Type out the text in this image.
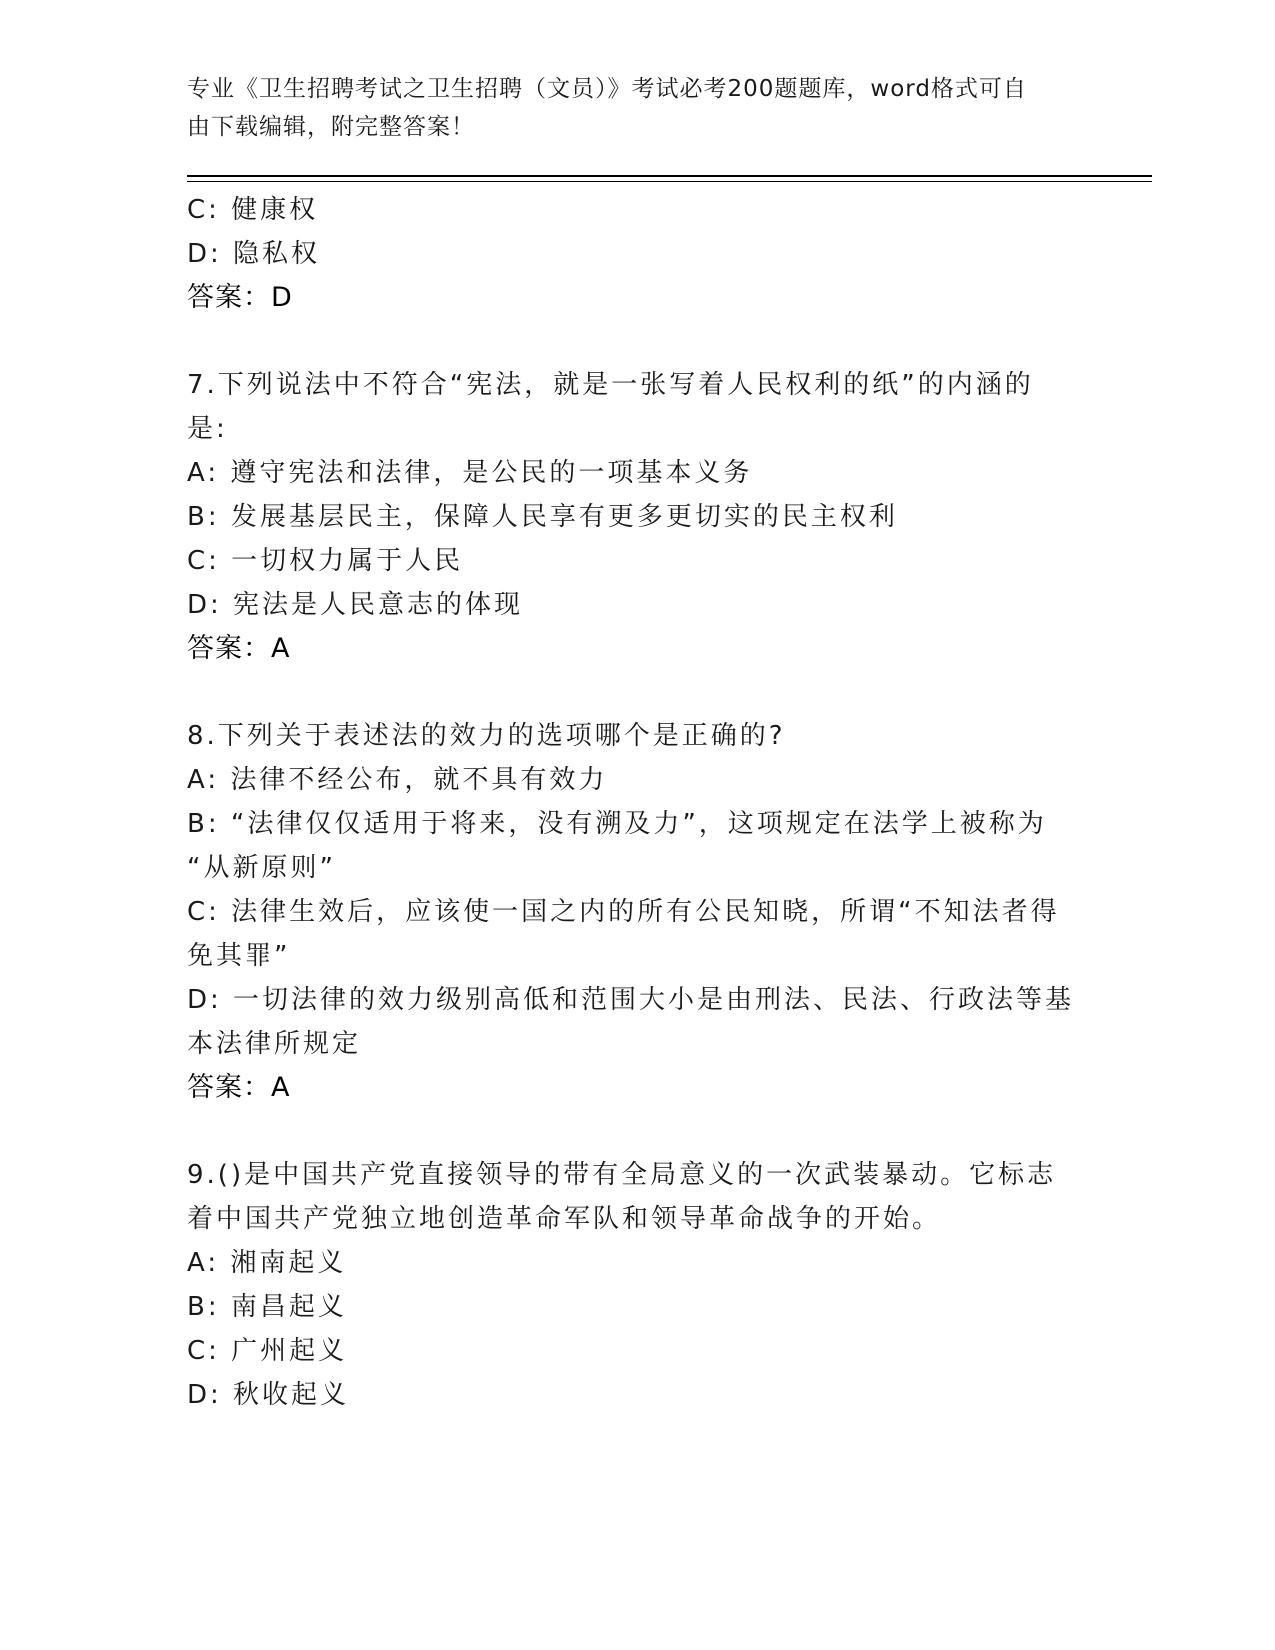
专业《卫生招聘考试之卫生招聘（文员）》考试必考200题题库，word格式可自
由下载编辑，附完整答案！
C: 健康权
D: 隐私权
答案：D
7.下列说法中不符合“宪法，就是一张写着人民权利的纸”的内涵的
是:
A: 遵守宪法和法律，是公民的一项基本义务
B: 发展基层民主，保障人民享有更多更切实的民主权利
C: 一切权力属于人民
D: 宪法是人民意志的体现
答案：A
8.下列关于表述法的效力的选项哪个是正确的?
A: 法律不经公布，就不具有效力
B: “法律仅仅适用于将来，没有溯及力”，这项规定在法学上被称为
“从新原则”
C: 法律生效后，应该使一国之内的所有公民知晓，所谓“不知法者得
免其罪”
D: 一切法律的效力级别高低和范围大小是由刑法、民法、行政法等基
本法律所规定
答案：A
9.()是中国共产党直接领导的带有全局意义的一次武装暴动。它标志
着中国共产党独立地创造革命军队和领导革命战争的开始。
A: 湘南起义
B: 南昌起义
C: 广州起义
D: 秋收起义
